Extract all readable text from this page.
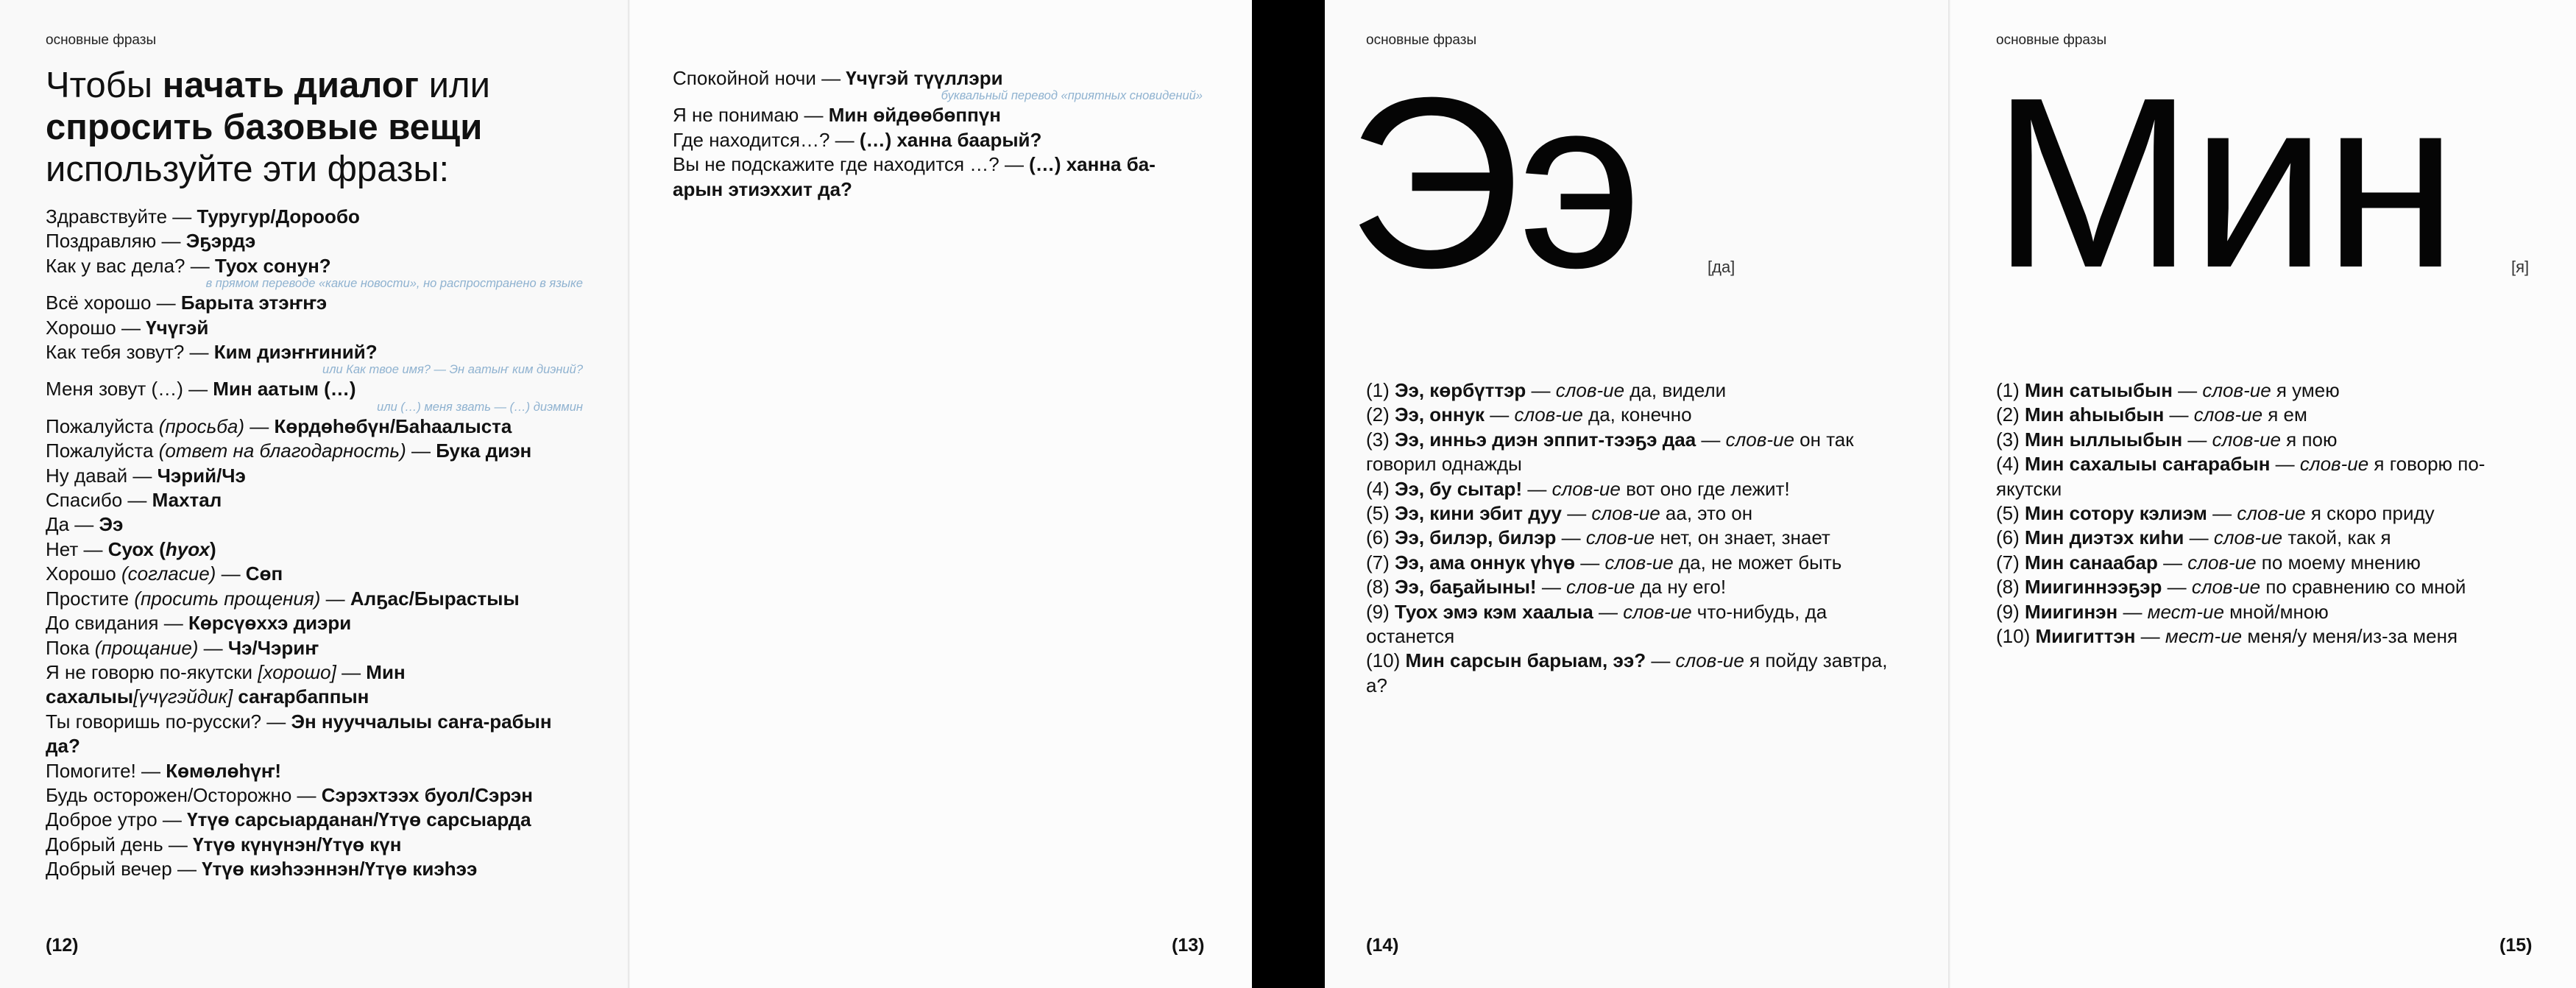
основные фразы
Чтобы начать диалог или спросить базовые вещи используйте эти фразы:
Здравствуйте — Туругур/Дорообо
Поздравляю — Эҕэрдэ
Как у вас дела? — Туох сонун?
в прямом переводе «какие новости», но распространено в языке
Всё хорошо — Барыта этэҥҥэ
Хорошо — Үчүгэй
Как тебя зовут? — Ким диэҥҥиний?
или Как твое имя? — Эн аатыҥ ким диэний?
Меня зовут (…) — Мин аатым (…)
или (…) меня звать — (…) диэммин
Пожалуйста (просьба) — Көрдөһөбүн/Баһаалыста
Пожалуйста (ответ на благодарность) — Бука диэн
Ну давай — Чэрий/Чэ
Спасибо — Махтал
Да — Ээ
Нет — Суох (һуох)
Хорошо (согласие) — Сөп
Простите (просить прощения) — Алҕас/Бырастыы
До свидания — Көрсүөххэ диэри
Пока (прощание) — Чэ/Чэриҥ
Я не говорю по-якутски [хорошо] — Мин сахалыы[үчүгэйдик] саҥарбаппын
Ты говоришь по-русски? — Эн нууччалыы саҥа-рабын да?
Помогите! — Көмөлөһүҥ!
Будь осторожен/Осторожно — Сэрэхтээх буол/Сэрэн
Доброе утро — Үтүө сарсыарданан/Үтүө сарсыарда
Добрый день — Үтүө күнүнэн/Үтүө күн
Добрый вечер — Үтүө киэһээннэн/Үтүө киэһээ
(12)
Спокойной ночи — Үчүгэй түүллэри
буквальный перевод «приятных сновидений»
Я не понимаю — Мин өйдөөбөппүн
Где находится…? — (…) ханна баарый?
Вы не подскажите где находится …? — (…) ханна ба-арын этиэххит да?
(13)
основные фразы
Ээ	[да]
(1) Ээ, көрбүттэр — слов-ие да, видели
(2) Ээ, оннук — слов-ие да, конечно
(3) Ээ, инньэ диэн эппит-тээҕэ даа — слов-ие он так говорил однажды
(4) Ээ, бу сытар! — слов-ие вот оно где лежит!
(5) Ээ, кини эбит дуу — слов-ие аа, это он
(6) Ээ, билэр, билэр — слов-ие нет, он знает, знает
(7) Ээ, ама оннук үһүө — слов-ие да, не может быть
(8) Ээ, баҕайыны! — слов-ие да ну его!
(9) Туох эмэ кэм хаалыа — слов-ие что-нибудь, да останется
(10) Мин сарсын барыам, ээ? — слов-ие я пойду завтра, а?
(14)
основные фразы
Мин	[я]
(1) Мин сатыыбын — слов-ие я умею
(2) Мин аһыыбын — слов-ие я ем
(3) Мин ыллыыбын — слов-ие я пою
(4) Мин сахалыы саҥарабын — слов-ие я говорю по-якутски
(5) Мин сотору кэлиэм — слов-ие я скоро приду
(6) Мин диэтэх киһи — слов-ие такой, как я
(7) Мин санаабар — слов-ие по моему мнению
(8) Миигиннээҕэр — слов-ие по сравнению со мной
(9) Миигинэн — мест-ие мной/мною
(10) Миигиттэн — мест-ие меня/у меня/из-за меня
(15)
